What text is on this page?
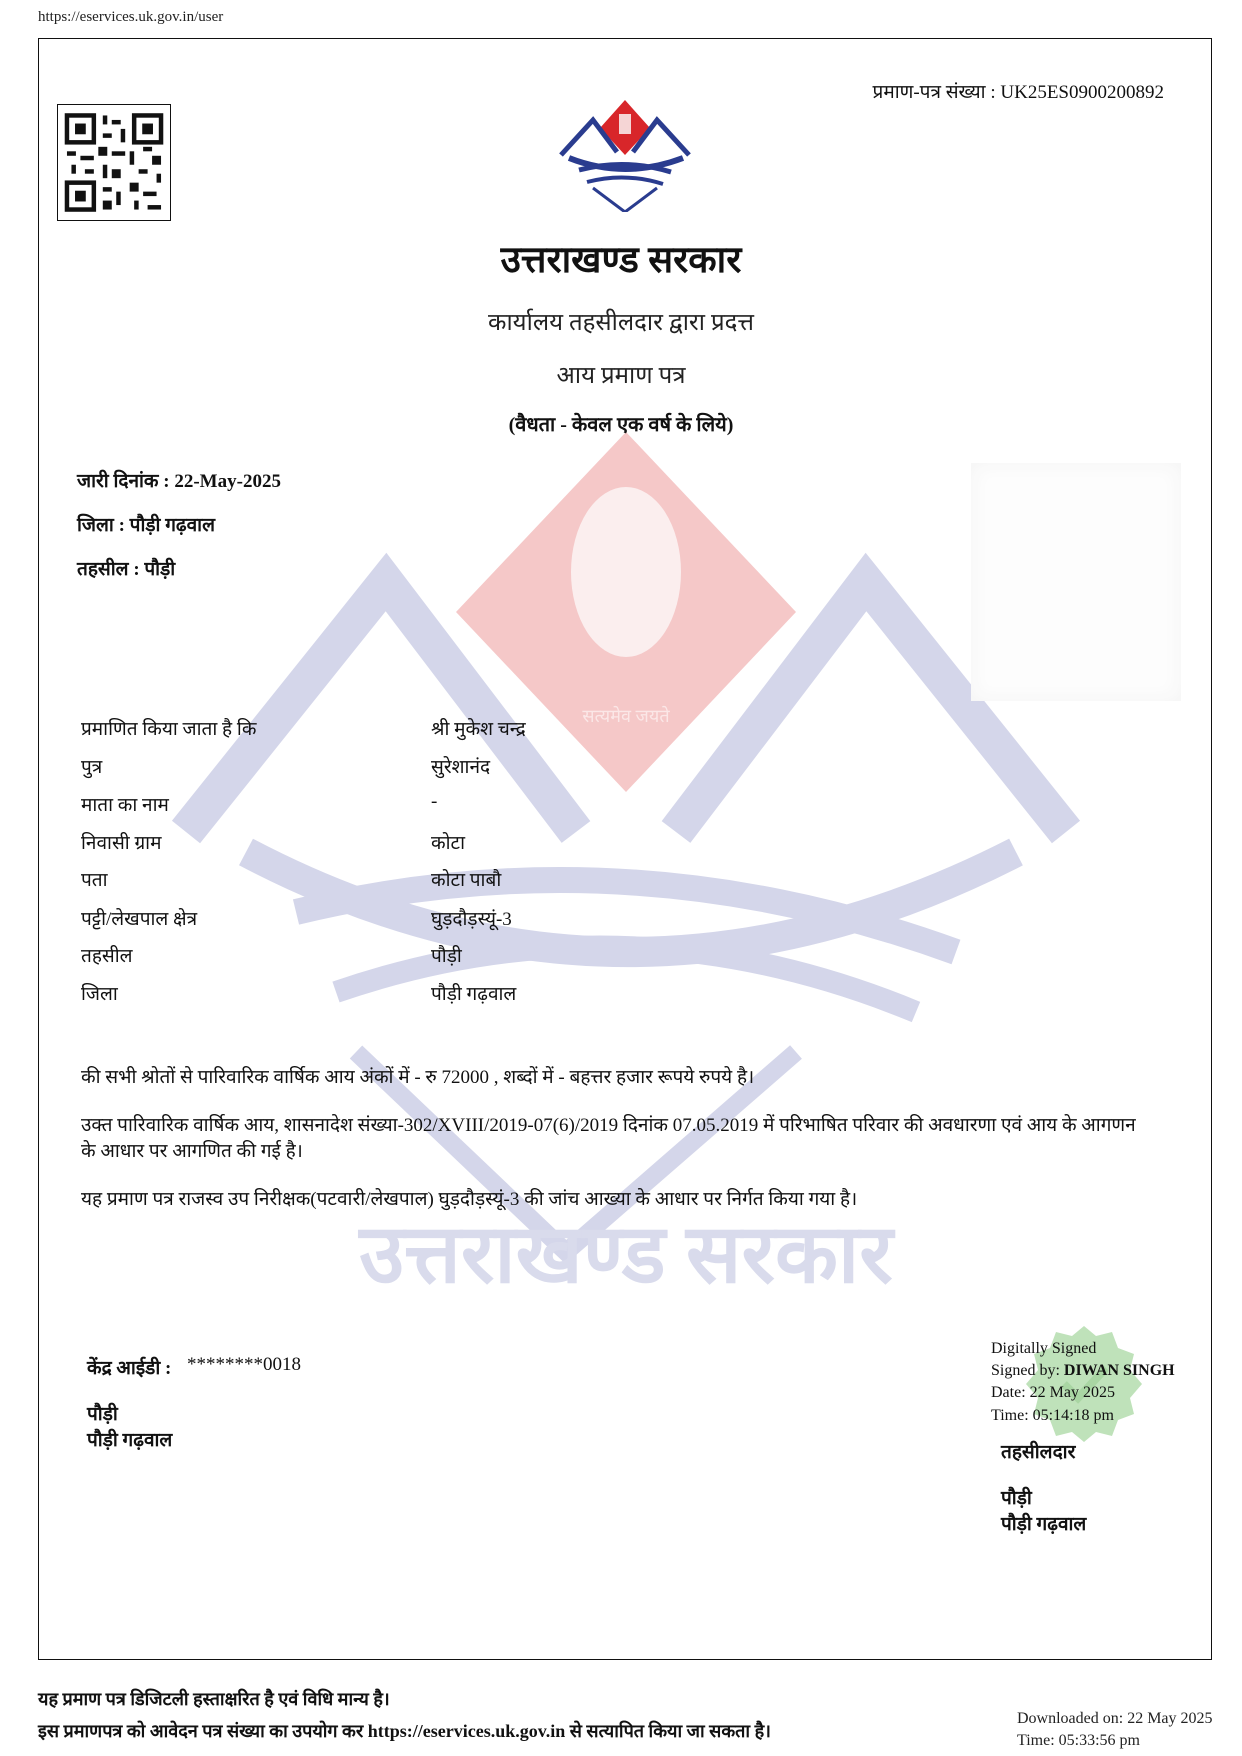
https://eservices.uk.gov.in/user
सत्यमेव जयते
उत्तराखण्ड सरकार
प्रमाण-पत्र संख्या : UK25ES0900200892
उत्तराखण्ड सरकार
कार्यालय तहसीलदार द्वारा प्रदत्त
आय प्रमाण पत्र
(वैधता - केवल एक वर्ष के लिये)
जारी दिनांक : 22-May-2025
जिला : पौड़ी गढ़वाल
तहसील : पौड़ी
प्रमाणित किया जाता है कि	श्री मुकेश चन्द्र
पुत्र	सुरेशानंद
माता का नाम	-
निवासी ग्राम	कोटा
पता	कोटा पाबौ
पट्टी/लेखपाल क्षेत्र	घुड़दौड़स्यूं-3
तहसील	पौड़ी
जिला	पौड़ी गढ़वाल
की सभी श्रोतों से पारिवारिक वार्षिक आय अंकों में - रु 72000 , शब्दों में - बहत्तर हजार रूपये रुपये है।
उक्त पारिवारिक वार्षिक आय, शासनादेश संख्या-302/XVIII/2019-07(6)/2019 दिनांक 07.05.2019 में परिभाषित परिवार की अवधारणा एवं आय के आगणन के आधार पर आगणित की गई है।
यह प्रमाण पत्र राजस्व उप निरीक्षक(पटवारी/लेखपाल) घुड़दौड़स्यूं-3 की जांच आख्या के आधार पर निर्गत किया गया है।
केंद्र आईडी : ********0018
पौड़ी
पौड़ी गढ़वाल
Digitally Signed
Signed by: DIWAN SINGH
Date: 22 May 2025
Time: 05:14:18 pm
तहसीलदार
पौड़ी
पौड़ी गढ़वाल
यह प्रमाण पत्र डिजिटली हस्ताक्षरित है एवं विधि मान्य है।
इस प्रमाणपत्र को आवेदन पत्र संख्या का उपयोग कर https://eservices.uk.gov.in से सत्यापित किया जा सकता है।
Downloaded on: 22 May 2025
Time: 05:33:56 pm
